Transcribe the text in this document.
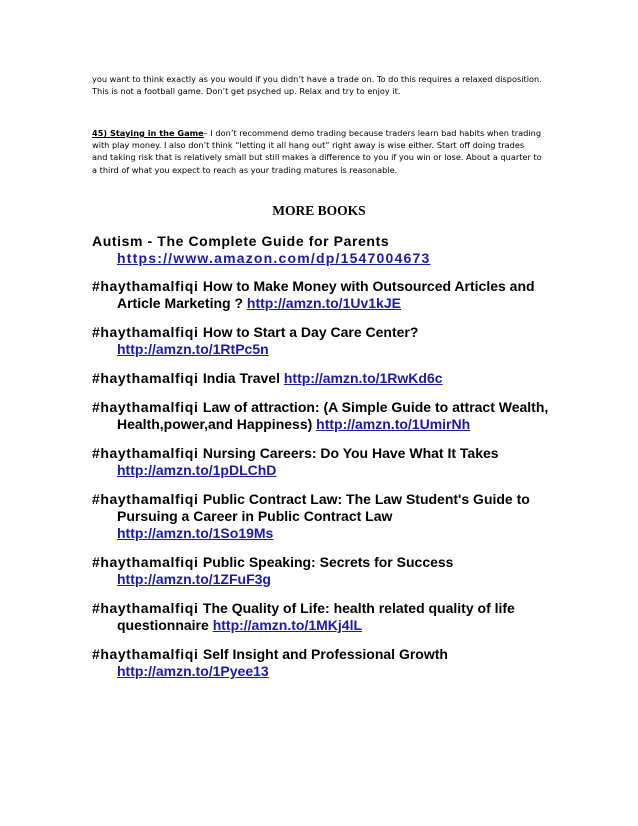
you want to think exactly as you would if you didn’t have a trade on. To do this requires a relaxed disposition. This is not a football game. Don’t get psyched up. Relax and try to enjoy it.

45) Staying in the Game– I don’t recommend demo trading because traders learn bad habits when trading with play money. I also don’t think “letting it all hang out” right away is wise either. Start off doing trades and taking risk that is relatively small but still makes a difference to you if you win or lose. About a quarter to a third of what you expect to reach as your trading matures is reasonable.

MORE BOOKS
Autism - The Complete Guide for Parents https://www.amazon.com/dp/1547004673
#haythamalfiqi How to Make Money with Outsourced Articles and Article Marketing ? http://amzn.to/1Uv1kJE
#haythamalfiqi How to Start a Day Care Center? http://amzn.to/1RtPc5n
#haythamalfiqi India Travel http://amzn.to/1RwKd6c
#haythamalfiqi Law of attraction: (A Simple Guide to attract Wealth, Health,power,and Happiness) http://amzn.to/1UmirNh
#haythamalfiqi Nursing Careers: Do You Have What It Takes http://amzn.to/1pDLChD
#haythamalfiqi Public Contract Law: The Law Student's Guide to Pursuing a Career in Public Contract Law http://amzn.to/1So19Ms
#haythamalfiqi Public Speaking: Secrets for Success http://amzn.to/1ZFuF3g
#haythamalfiqi The Quality of Life: health related quality of life questionnaire http://amzn.to/1MKj4lL
#haythamalfiqi Self Insight and Professional Growth http://amzn.to/1Pyee13
